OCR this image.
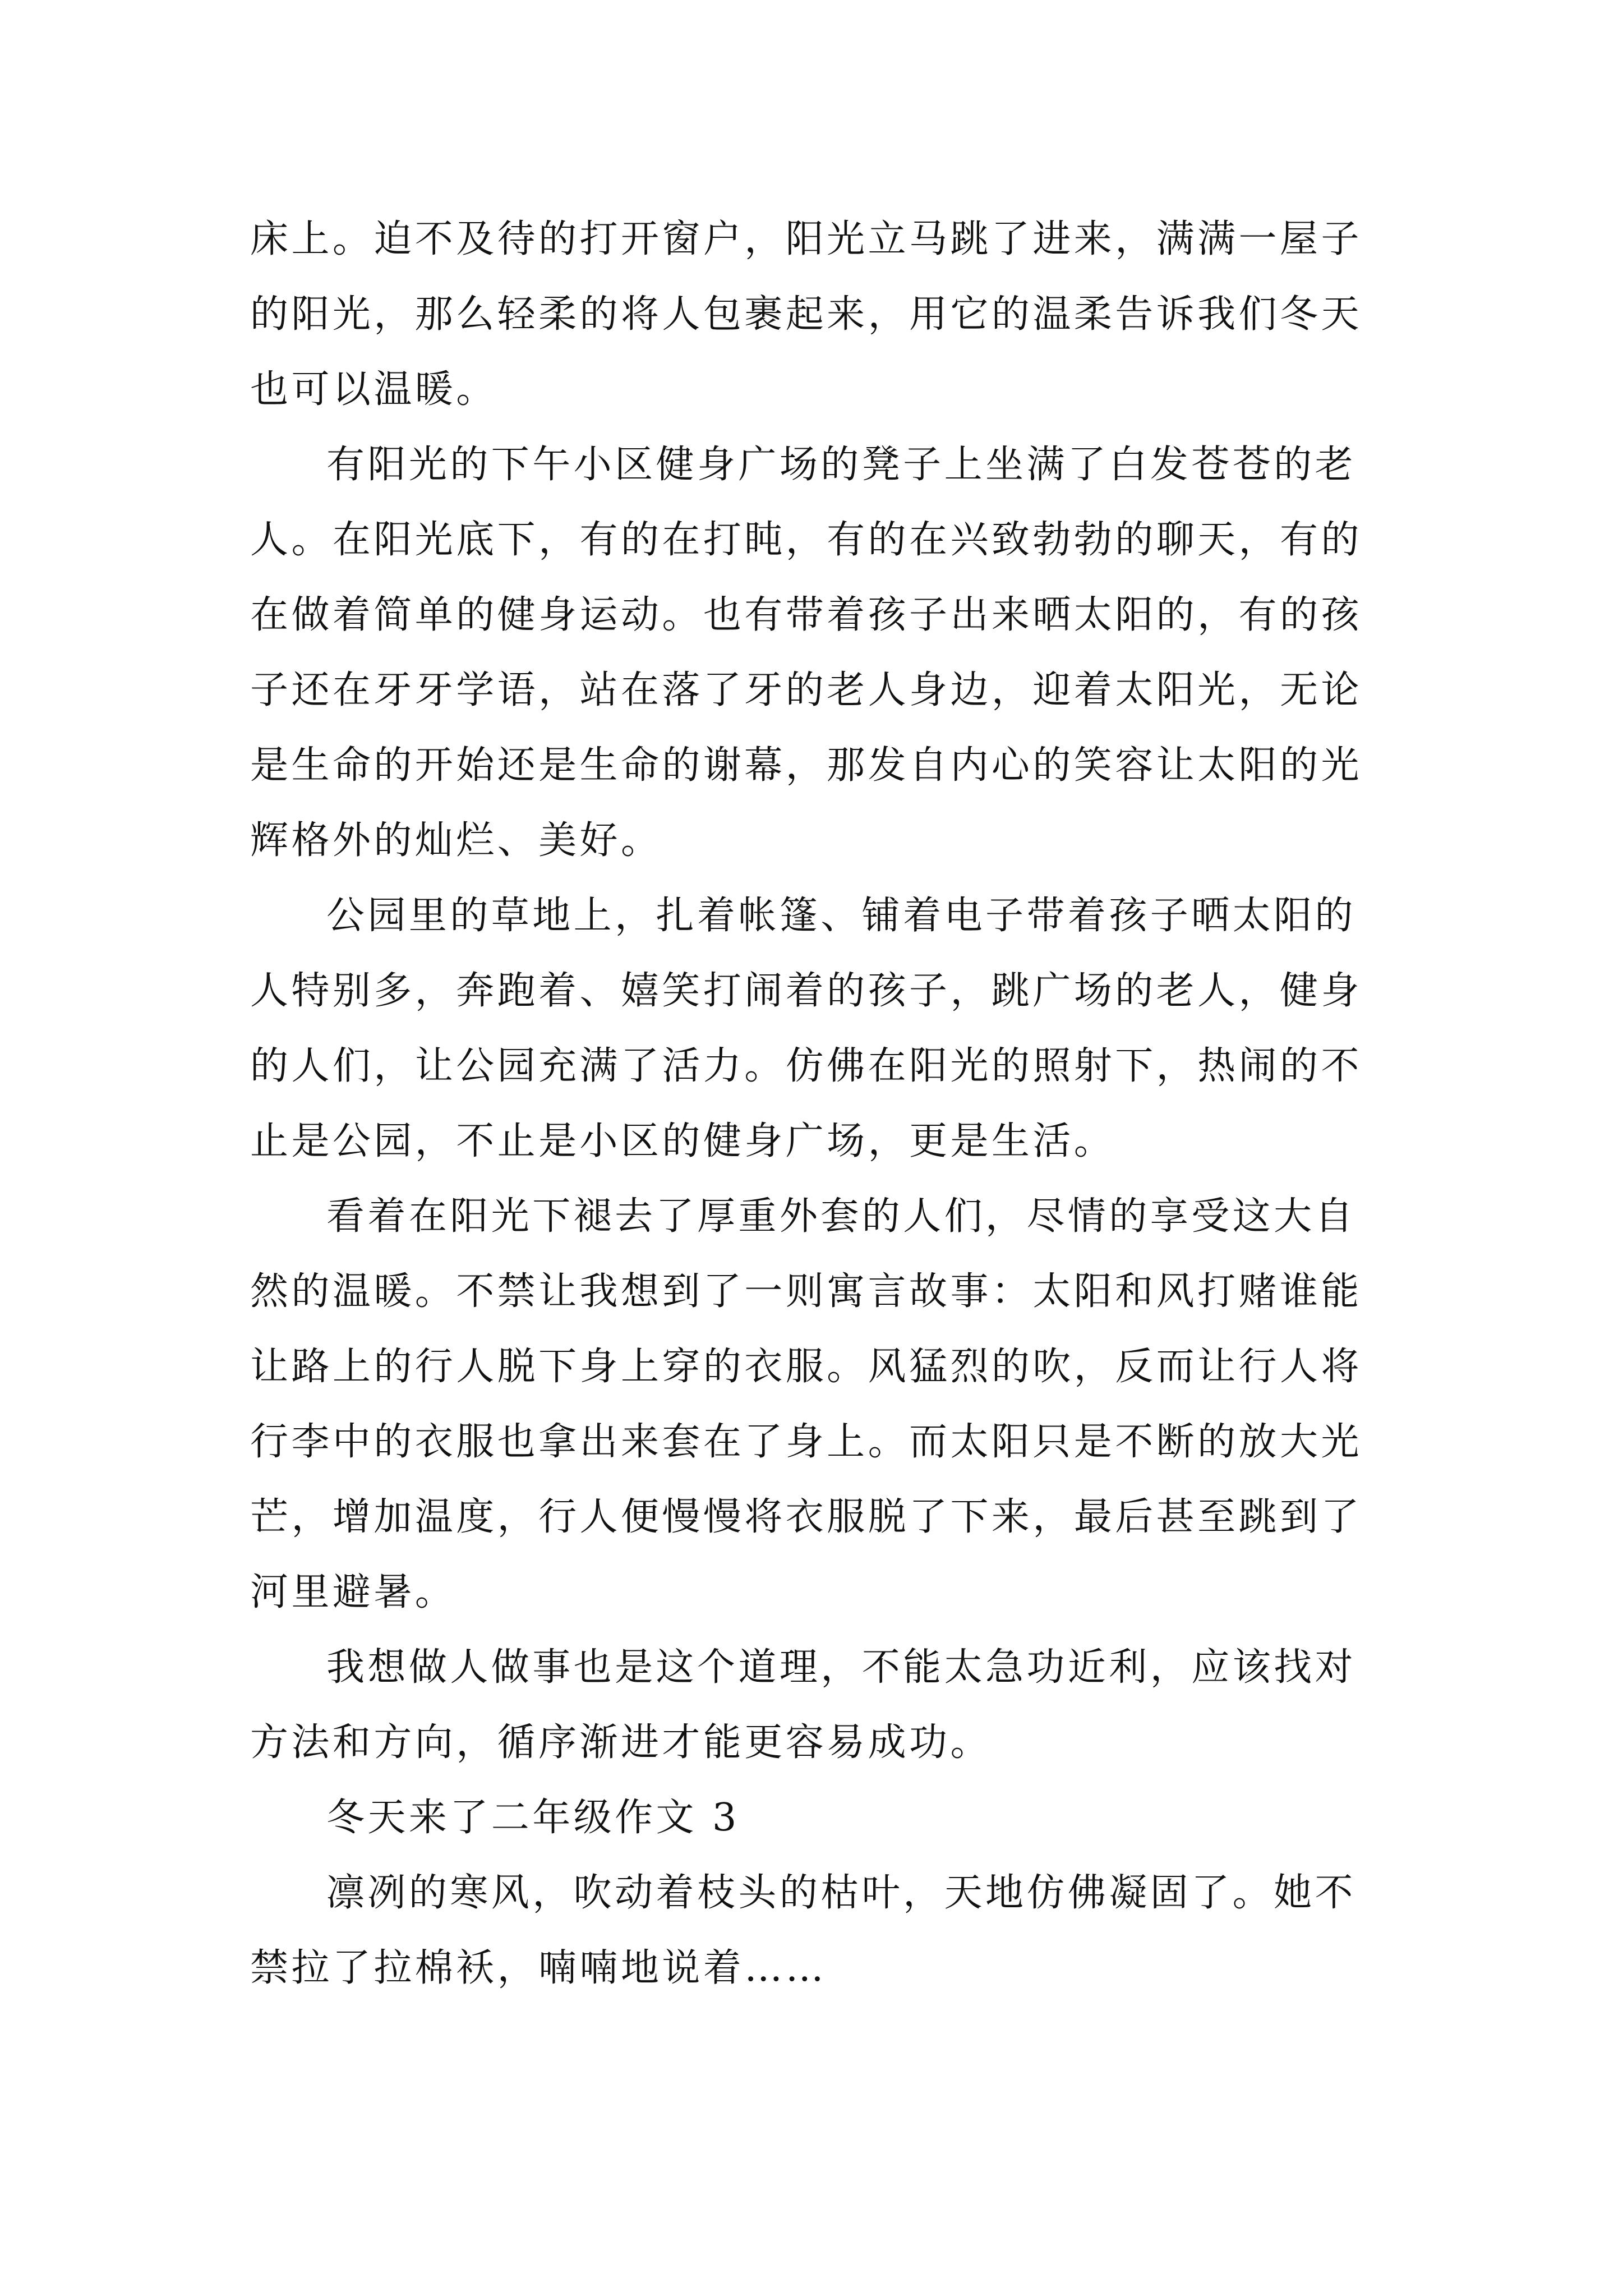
床上。迫不及待的打开窗户，阳光立马跳了进来，满满一屋子的阳光，那么轻柔的将人包裹起来，用它的温柔告诉我们冬天也可以温暖。

有阳光的下午小区健身广场的凳子上坐满了白发苍苍的老人。在阳光底下，有的在打盹，有的在兴致勃勃的聊天，有的在做着简单的健身运动。也有带着孩子出来晒太阳的，有的孩子还在牙牙学语，站在落了牙的老人身边，迎着太阳光，无论是生命的开始还是生命的谢幕，那发自内心的笑容让太阳的光辉格外的灿烂、美好。

公园里的草地上，扎着帐篷、铺着电子带着孩子晒太阳的人特别多，奔跑着、嬉笑打闹着的孩子，跳广场的老人，健身的人们，让公园充满了活力。仿佛在阳光的照射下，热闹的不止是公园，不止是小区的健身广场，更是生活。

看着在阳光下褪去了厚重外套的人们，尽情的享受这大自然的温暖。不禁让我想到了一则寓言故事：太阳和风打赌谁能让路上的行人脱下身上穿的衣服。风猛烈的吹，反而让行人将行李中的衣服也拿出来套在了身上。而太阳只是不断的放大光芒，增加温度，行人便慢慢将衣服脱了下来，最后甚至跳到了河里避暑。

我想做人做事也是这个道理，不能太急功近利，应该找对方法和方向，循序渐进才能更容易成功。

冬天来了二年级作文 3

凛冽的寒风，吹动着枝头的枯叶，天地仿佛凝固了。她不禁拉了拉棉袄，喃喃地说着……
